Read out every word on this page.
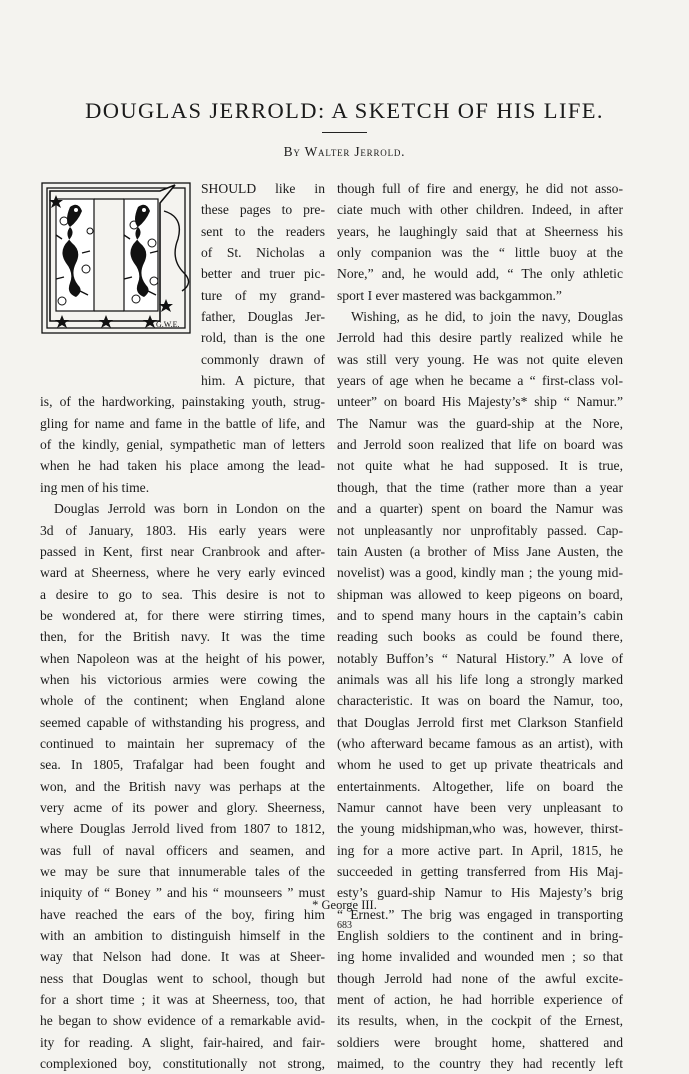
DOUGLAS JERROLD: A SKETCH OF HIS LIFE.
By Walter Jerrold.
G.W.E.
SHOULD like in
these pages to pre-
sent to the readers
of St. Nicholas a
better and truer pic-
ture of my grand-
father, Douglas Jer-
rold, than is the one
commonly drawn of
him. A picture, that
is, of the hardworking, painstaking youth, strug-
gling for name and fame in the battle of life, and
of the kindly, genial, sympathetic man of letters
when he had taken his place among the lead-
ing men of his time.
Douglas Jerrold was born in London on the
3d of January, 1803. His early years were
passed in Kent, first near Cranbrook and after-
ward at Sheerness, where he very early evinced
a desire to go to sea. This desire is not to
be wondered at, for there were stirring times,
then, for the British navy. It was the time
when Napoleon was at the height of his power,
when his victorious armies were cowing the
whole of the continent; when England alone
seemed capable of withstanding his progress, and
continued to maintain her supremacy of the
sea. In 1805, Trafalgar had been fought and
won, and the British navy was perhaps at the
very acme of its power and glory. Sheerness,
where Douglas Jerrold lived from 1807 to 1812,
was full of naval officers and seamen, and
we may be sure that innumerable tales of the
iniquity of “ Boney ” and his “ mounseers ” must
have reached the ears of the boy, firing him
with an ambition to distinguish himself in the
way that Nelson had done. It was at Sheer-
ness that Douglas went to school, though but
for a short time ; it was at Sheerness, too, that
he began to show evidence of a remarkable avid-
ity for reading. A slight, fair-haired, and fair-
complexioned boy, constitutionally not strong,
though full of fire and energy, he did not asso-
ciate much with other children. Indeed, in after
years, he laughingly said that at Sheerness his
only companion was the “ little buoy at the
Nore,” and, he would add, “ The only athletic
sport I ever mastered was backgammon.”
Wishing, as he did, to join the navy, Douglas
Jerrold had this desire partly realized while he
was still very young. He was not quite eleven
years of age when he became a “ first-class vol-
unteer” on board His Majesty’s* ship “ Namur.”
The Namur was the guard-ship at the Nore,
and Jerrold soon realized that life on board was
not quite what he had supposed. It is true,
though, that the time (rather more than a year
and a quarter) spent on board the Namur was
not unpleasantly nor unprofitably passed. Cap-
tain Austen (a brother of Miss Jane Austen, the
novelist) was a good, kindly man ; the young mid-
shipman was allowed to keep pigeons on board,
and to spend many hours in the captain’s cabin
reading such books as could be found there,
notably Buffon’s “ Natural History.” A love of
animals was all his life long a strongly marked
characteristic. It was on board the Namur, too,
that Douglas Jerrold first met Clarkson Stanfield
(who afterward became famous as an artist), with
whom he used to get up private theatricals and
entertainments. Altogether, life on board the
Namur cannot have been very unpleasant to
the young midshipman,who was, however, thirst-
ing for a more active part. In April, 1815, he
succeeded in getting transferred from His Maj-
esty’s guard-ship Namur to His Majesty’s brig
“ Ernest.” The brig was engaged in transporting
English soldiers to the continent and in bring-
ing home invalided and wounded men ; so that
though Jerrold had none of the awful excite-
ment of action, he had horrible experience of
its results, when, in the cockpit of the Ernest,
soldiers were brought home, shattered and
maimed, to the country they had recently left
* George III.
683
